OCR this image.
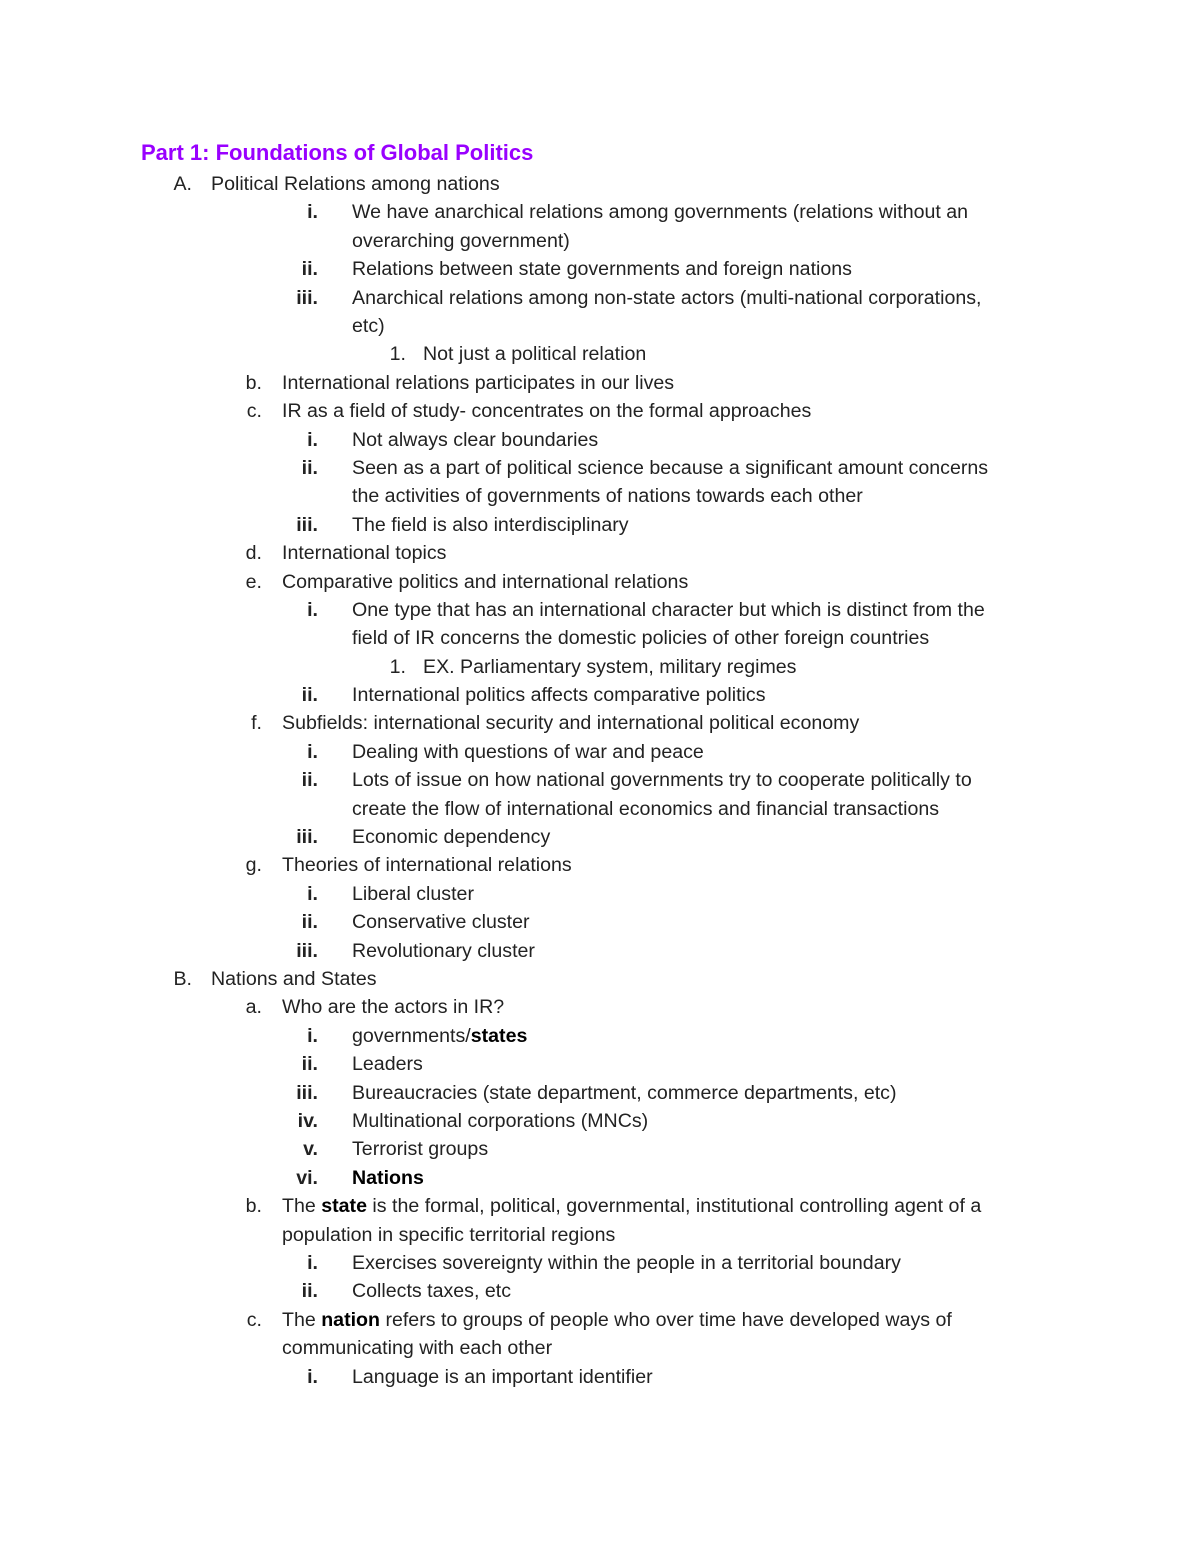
Part 1: Foundations of Global Politics
A. Political Relations among nations
i. We have anarchical relations among governments (relations without an
overarching government)
ii. Relations between state governments and foreign nations
iii. Anarchical relations among non-state actors (multi-national corporations,
etc)
1. Not just a political relation
b. International relations participates in our lives
c. IR as a field of study- concentrates on the formal approaches
i. Not always clear boundaries
ii. Seen as a part of political science because a significant amount concerns
the activities of governments of nations towards each other
iii. The field is also interdisciplinary
d. International topics
e. Comparative politics and international relations
i. One type that has an international character but which is distinct from the
field of IR concerns the domestic policies of other foreign countries
1. EX. Parliamentary system, military regimes
ii. International politics affects comparative politics
f. Subfields: international security and international political economy
i. Dealing with questions of war and peace
ii. Lots of issue on how national governments try to cooperate politically to
create the flow of international economics and financial transactions
iii. Economic dependency
g. Theories of international relations
i. Liberal cluster
ii. Conservative cluster
iii. Revolutionary cluster
B. Nations and States
a. Who are the actors in IR?
i. governments/states
ii. Leaders
iii. Bureaucracies (state department, commerce departments, etc)
iv. Multinational corporations (MNCs)
v. Terrorist groups
vi. Nations
b. The state is the formal, political, governmental, institutional controlling agent of a
population in specific territorial regions
i. Exercises sovereignty within the people in a territorial boundary
ii. Collects taxes, etc
c. The nation refers to groups of people who over time have developed ways of
communicating with each other
i. Language is an important identifier
